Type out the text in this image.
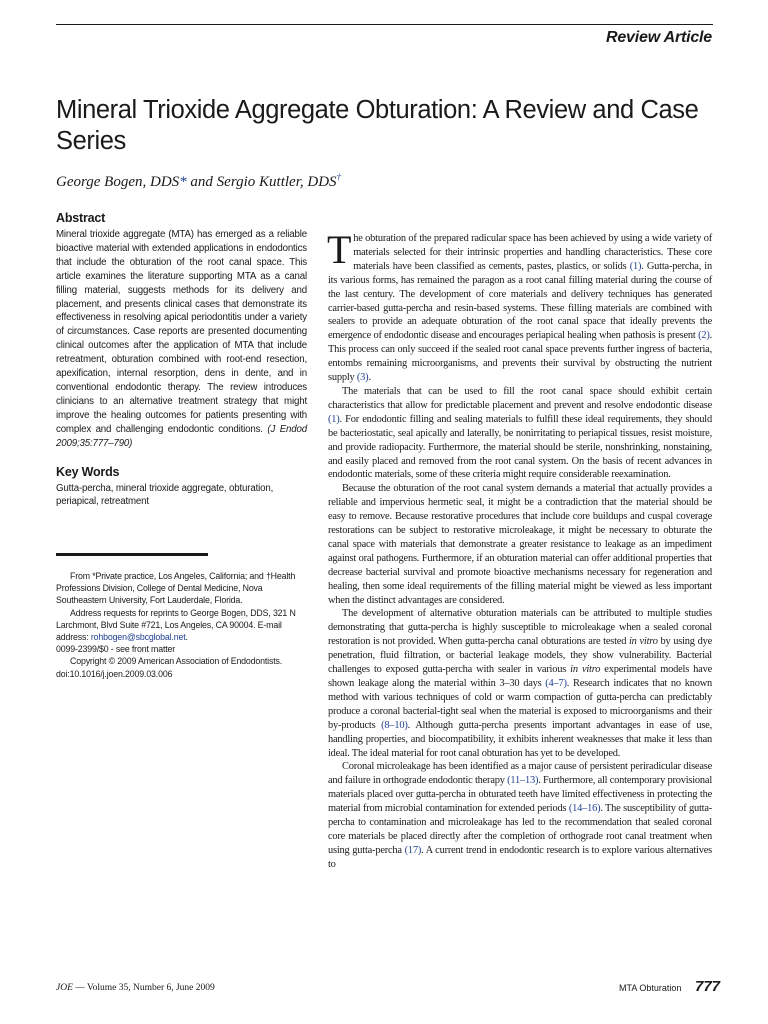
Review Article
Mineral Trioxide Aggregate Obturation: A Review and Case Series
George Bogen, DDS* and Sergio Kuttler, DDS†
Abstract

Mineral trioxide aggregate (MTA) has emerged as a reliable bioactive material with extended applications in endodontics that include the obturation of the root canal space. This article examines the literature supporting MTA as a canal filling material, suggests methods for its delivery and placement, and presents clinical cases that demonstrate its effectiveness in resolving apical periodontitis under a variety of circumstances. Case reports are presented documenting clinical outcomes after the application of MTA that include retreatment, obturation combined with root-end resection, apexification, internal resorption, dens in dente, and in conventional endodontic therapy. The review introduces clinicians to an alternative treatment strategy that might improve the healing outcomes for patients presenting with complex and challenging endodontic conditions. (J Endod 2009;35:777–790)

Key Words

Gutta-percha, mineral trioxide aggregate, obturation, periapical, retreatment

From *Private practice, Los Angeles, California; and †Health Professions Division, College of Dental Medicine, Nova Southeastern University, Fort Lauderdale, Florida.

Address requests for reprints to George Bogen, DDS, 321 N Larchmont, Blvd Suite #721, Los Angeles, CA 90004. E-mail address: rohbogen@sbcglobal.net.

0099-2399/$0 - see front matter

Copyright © 2009 American Association of Endodontists.

doi:10.1016/j.joen.2009.03.006

The obturation of the prepared radicular space has been achieved by using a wide variety of materials selected for their intrinsic properties and handling characteristics. These core materials have been classified as cements, pastes, plastics, or solids (1). Gutta-percha, in its various forms, has remained the paragon as a root canal filling material during the course of the last century. The development of core materials and delivery techniques has generated carrier-based gutta-percha and resin-based systems. These filling materials are combined with sealers to provide an adequate obturation of the root canal space that ideally prevents the emergence of endodontic disease and encourages periapical healing when pathosis is present (2). This process can only succeed if the sealed root canal space prevents further ingress of bacteria, entombs remaining microorganisms, and prevents their survival by obstructing the nutrient supply (3).

The materials that can be used to fill the root canal space should exhibit certain characteristics that allow for predictable placement and prevent and resolve endodontic disease (1). For endodontic filling and sealing materials to fulfill these ideal requirements, they should be bacteriostatic, seal apically and laterally, be nonirritating to periapical tissues, resist moisture, and provide radiopacity. Furthermore, the material should be sterile, nonshrinking, nonstaining, and easily placed and removed from the root canal system. On the basis of recent advances in endodontic materials, some of these criteria might require considerable reexamination.

Because the obturation of the root canal system demands a material that actually provides a reliable and impervious hermetic seal, it might be a contradiction that the material should be easy to remove. Because restorative procedures that include core buildups and cuspal coverage restorations can be subject to restorative microleakage, it might be necessary to obturate the canal space with materials that demonstrate a greater resistance to leakage as an impediment against oral pathogens. Furthermore, if an obturation material can offer additional properties that decrease bacterial survival and promote bioactive mechanisms necessary for regeneration and healing, then some ideal requirements of the filling material might be viewed as less important when the distinct advantages are considered.

The development of alternative obturation materials can be attributed to multiple studies demonstrating that gutta-percha is highly susceptible to microleakage when a sealed coronal restoration is not provided. When gutta-percha canal obturations are tested in vitro by using dye penetration, fluid filtration, or bacterial leakage models, they show vulnerability. Bacterial challenges to exposed gutta-percha with sealer in various in vitro experimental models have shown leakage along the material within 3–30 days (4–7). Research indicates that no known method with various techniques of cold or warm compaction of gutta-percha can predictably produce a coronal bacterial-tight seal when the material is exposed to microorganisms and their by-products (8–10). Although gutta-percha presents important advantages in ease of use, handling properties, and biocompatibility, it exhibits inherent weaknesses that make it less than ideal. The ideal material for root canal obturation has yet to be developed.

Coronal microleakage has been identified as a major cause of persistent periradicular disease and failure in orthograde endodontic therapy (11–13). Furthermore, all contemporary provisional materials placed over gutta-percha in obturated teeth have limited effectiveness in protecting the material from microbial contamination for extended periods (14–16). The susceptibility of gutta-percha to contamination and microleakage has led to the recommendation that sealed coronal core materials be placed directly after the completion of orthograde root canal treatment when using gutta-percha (17). A current trend in endodontic research is to explore various alternatives to

JOE — Volume 35, Number 6, June 2009	MTA Obturation 777
